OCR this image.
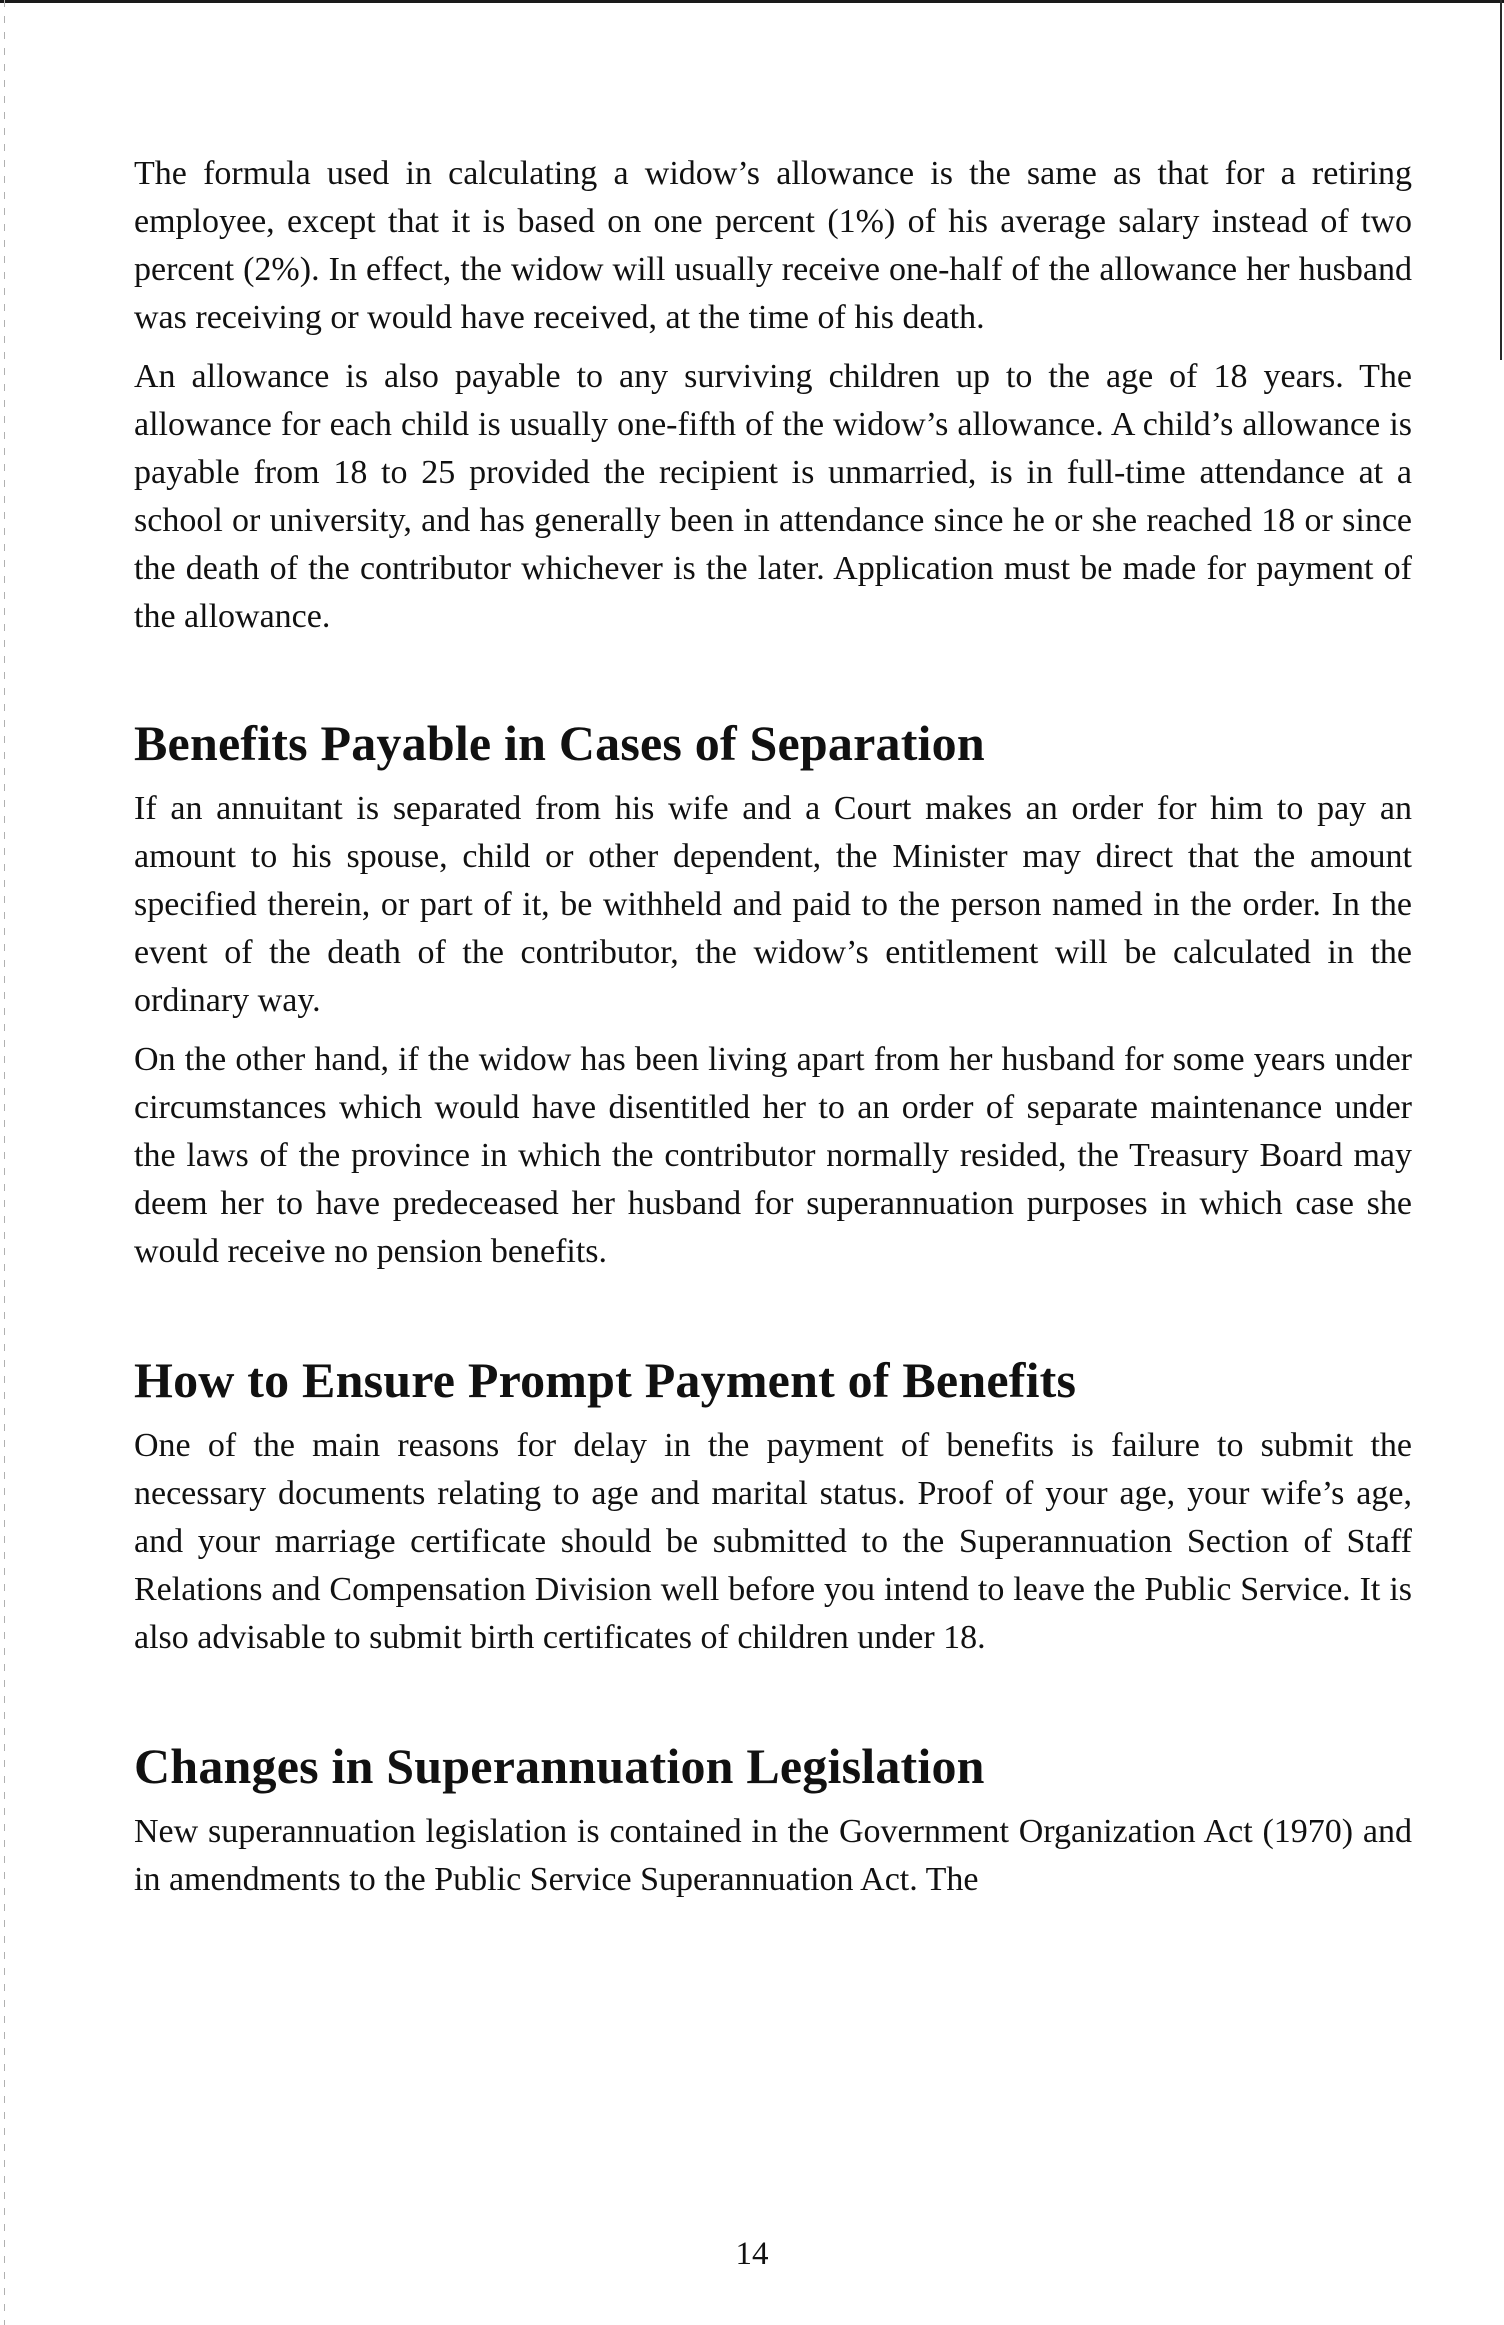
The formula used in calculating a widow’s allowance is the same as that for a retiring employee, except that it is based on one percent (1%) of his average salary instead of two percent (2%). In effect, the widow will usually receive one-half of the allowance her husband was receiving or would have received, at the time of his death.

An allowance is also payable to any surviving children up to the age of 18 years. The allowance for each child is usually one-fifth of the widow’s allowance. A child’s allowance is payable from 18 to 25 provided the recipient is unmarried, is in full-time attendance at a school or university, and has generally been in attendance since he or she reached 18 or since the death of the contributor whichever is the later. Application must be made for payment of the allowance.

Benefits Payable in Cases of Separation

If an annuitant is separated from his wife and a Court makes an order for him to pay an amount to his spouse, child or other dependent, the Minister may direct that the amount specified therein, or part of it, be withheld and paid to the person named in the order. In the event of the death of the contributor, the widow’s entitlement will be calculated in the ordinary way.

On the other hand, if the widow has been living apart from her husband for some years under circumstances which would have disentitled her to an order of separate maintenance under the laws of the province in which the contributor normally resided, the Treasury Board may deem her to have predeceased her husband for superannuation purposes in which case she would receive no pension benefits.

How to Ensure Prompt Payment of Benefits

One of the main reasons for delay in the payment of benefits is failure to submit the necessary documents relating to age and marital status. Proof of your age, your wife’s age, and your marriage certificate should be submitted to the Superannuation Section of Staff Relations and Compensation Division well before you intend to leave the Public Service. It is also advisable to submit birth certificates of children under 18.

Changes in Superannuation Legislation

New superannuation legislation is contained in the Government Organization Act (1970) and in amendments to the Public Service Superannuation Act. The

14
